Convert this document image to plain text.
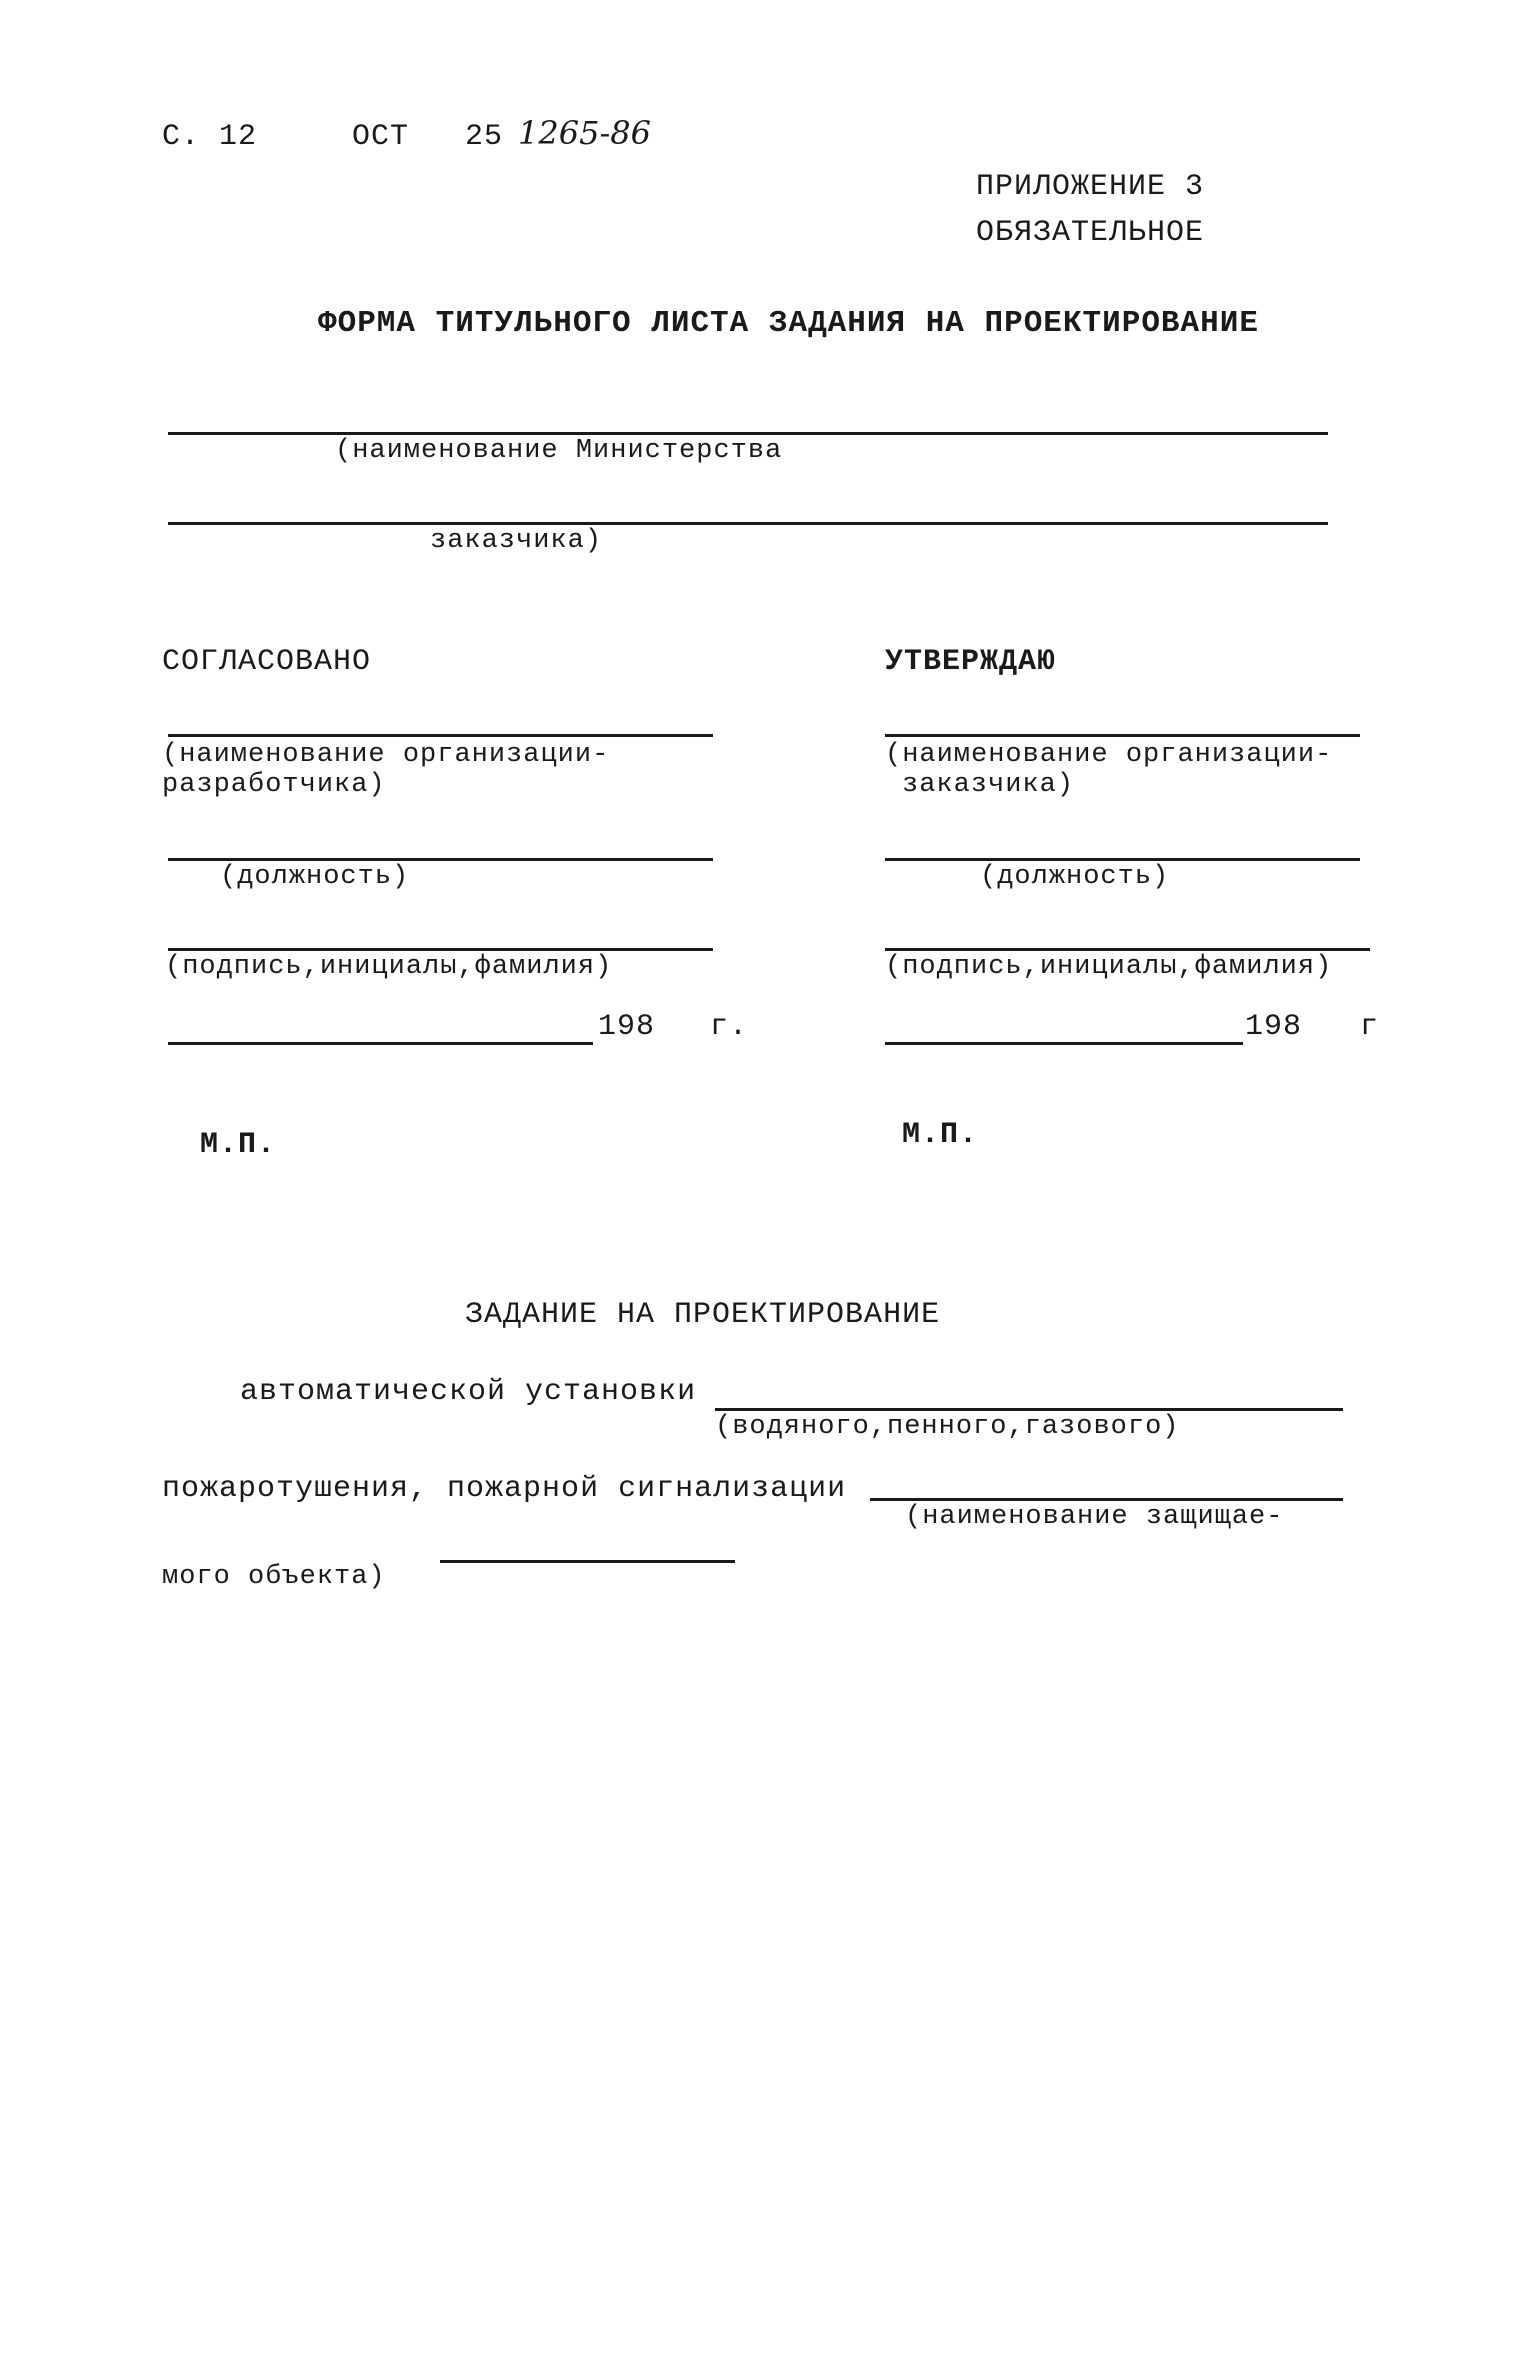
С. 12	ОСТ 25 1265-86
ПРИЛОЖЕНИЕ 3
ОБЯЗАТЕЛЬНОЕ
ФОРМА ТИТУЛЬНОГО ЛИСТА ЗАДАНИЯ НА ПРОЕКТИРОВАНИЕ
(наименование Министерства
заказчика)
СОГЛАСОВАНО
(наименование организации-
разработчика)
(должность)
(подпись,инициалы,фамилия)
198 г.
М.П.
УТВЕРЖДАЮ
(наименование организации-
заказчика)
(должность)
(подпись,инициалы,фамилия)
198 г
М.П.
ЗАДАНИЕ НА ПРОЕКТИРОВАНИЕ
автоматической установки
(водяного,пенного,газового)
пожаротушения, пожарной сигнализации
(наименование защищае-
мого объекта)
